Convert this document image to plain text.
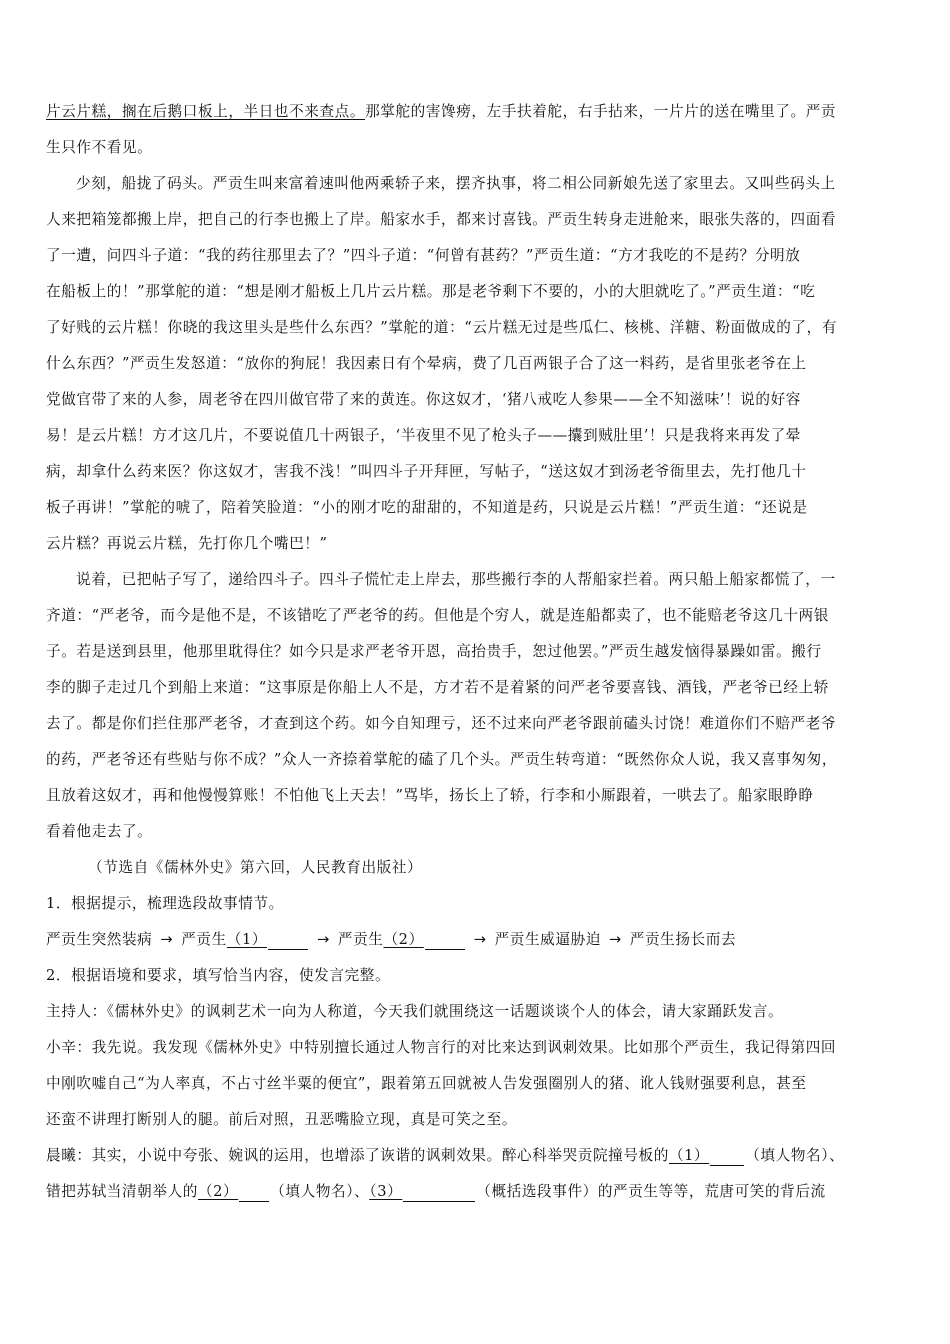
片云片糕，搁在后鹅口板上，半日也不来查点。那掌舵的害馋痨，左手扶着舵，右手拈来，一片片的送在嘴里了。严贡
生只作不看见。
少刻，船拢了码头。严贡生叫来富着速叫他两乘轿子来，摆齐执事，将二相公同新娘先送了家里去。又叫些码头上
人来把箱笼都搬上岸，把自己的行李也搬上了岸。船家水手，都来讨喜钱。严贡生转身走进舱来，眼张失落的，四面看
了一遭，问四斗子道：“我的药往那里去了？”四斗子道：“何曾有甚药？”严贡生道：“方才我吃的不是药？分明放
在船板上的！”那掌舵的道：“想是刚才船板上几片云片糕。那是老爷剩下不要的，小的大胆就吃了。”严贡生道：“吃
了好贱的云片糕！你晓的我这里头是些什么东西？”掌舵的道：“云片糕无过是些瓜仁、核桃、洋糖、粉面做成的了，有
什么东西？”严贡生发怒道：“放你的狗屁！我因素日有个晕病，费了几百两银子合了这一料药，是省里张老爷在上
党做官带了来的人参，周老爷在四川做官带了来的黄连。你这奴才，‘猪八戒吃人参果——全不知滋味’！说的好容
易！是云片糕！方才这几片，不要说值几十两银子，‘半夜里不见了枪头子——攮到贼肚里’！只是我将来再发了晕
病，却拿什么药来医？你这奴才，害我不浅！”叫四斗子开拜匣，写帖子，“送这奴才到汤老爷衙里去，先打他几十
板子再讲！”掌舵的唬了，陪着笑脸道：“小的刚才吃的甜甜的，不知道是药，只说是云片糕！”严贡生道：“还说是
云片糕？再说云片糕，先打你几个嘴巴！”
说着，已把帖子写了，递给四斗子。四斗子慌忙走上岸去，那些搬行李的人帮船家拦着。两只船上船家都慌了，一
齐道：“严老爷，而今是他不是，不该错吃了严老爷的药。但他是个穷人，就是连船都卖了，也不能赔老爷这几十两银
子。若是送到县里，他那里耽得住？如今只是求严老爷开恩，高抬贵手，恕过他罢。”严贡生越发恼得暴躁如雷。搬行
李的脚子走过几个到船上来道：“这事原是你船上人不是，方才若不是着紧的问严老爷要喜钱、酒钱，严老爷已经上轿
去了。都是你们拦住那严老爷，才查到这个药。如今自知理亏，还不过来向严老爷跟前磕头讨饶！难道你们不赔严老爷
的药，严老爷还有些贴与你不成？”众人一齐捺着掌舵的磕了几个头。严贡生转弯道：“既然你众人说，我又喜事匆匆，
且放着这奴才，再和他慢慢算账！不怕他飞上天去！”骂毕，扬长上了轿，行李和小厮跟着，一哄去了。船家眼睁睁
看着他走去了。
（节选自《儒林外史》第六回，人民教育出版社）
1．根据提示，梳理选段故事情节。
严贡生突然装病 → 严贡生（1）	→ 严贡生（2）	→ 严贡生威逼胁迫 → 严贡生扬长而去
2．根据语境和要求，填写恰当内容，使发言完整。
主持人：《儒林外史》的讽刺艺术一向为人称道，今天我们就围绕这一话题谈谈个人的体会，请大家踊跃发言。
小辛：我先说。我发现《儒林外史》中特别擅长通过人物言行的对比来达到讽刺效果。比如那个严贡生，我记得第四回
中刚吹嘘自己“为人率真，不占寸丝半粟的便宜”，跟着第五回就被人告发强圈别人的猪、讹人钱财强要利息，甚至
还蛮不讲理打断别人的腿。前后对照，丑恶嘴脸立现，真是可笑之至。
晨曦：其实，小说中夸张、婉讽的运用，也增添了诙谐的讽刺效果。醉心科举哭贡院撞号板的（1） （填人物名）、
错把苏轼当清朝举人的（2） （填人物名）、（3）	（概括选段事件）的严贡生等等，荒唐可笑的背后流
